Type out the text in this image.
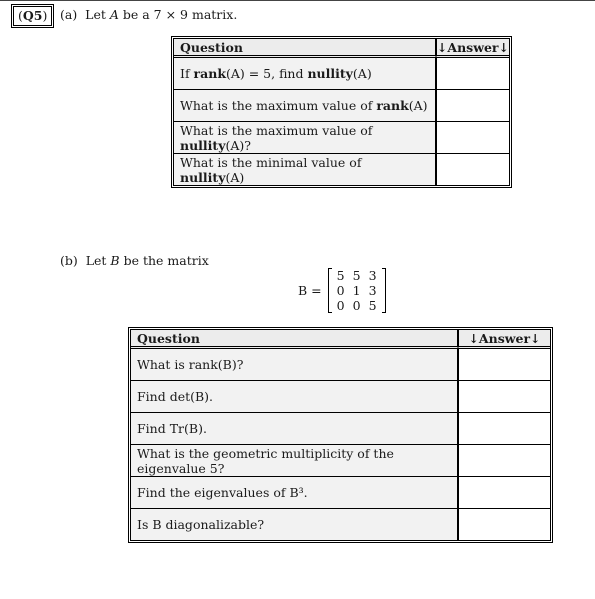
(Q5)	(a) Let A be a 7 × 9 matrix.
Question	↓Answer↓
If rank(A) = 5, find nullity(A)	
What is the maximum value of rank(A)	
What is the maximum value of nullity(A)?	
What is the minimal value of nullity(A)	
(b) Let B be the matrix
B =
5 5 3
0 1 3
0 0 5
Question	↓Answer↓
What is rank(B)?	
Find det(B).	
Find Tr(B).	
What is the geometric multiplicity of the eigenvalue 5?	
Find the eigenvalues of B³.	
Is B diagonalizable?	
